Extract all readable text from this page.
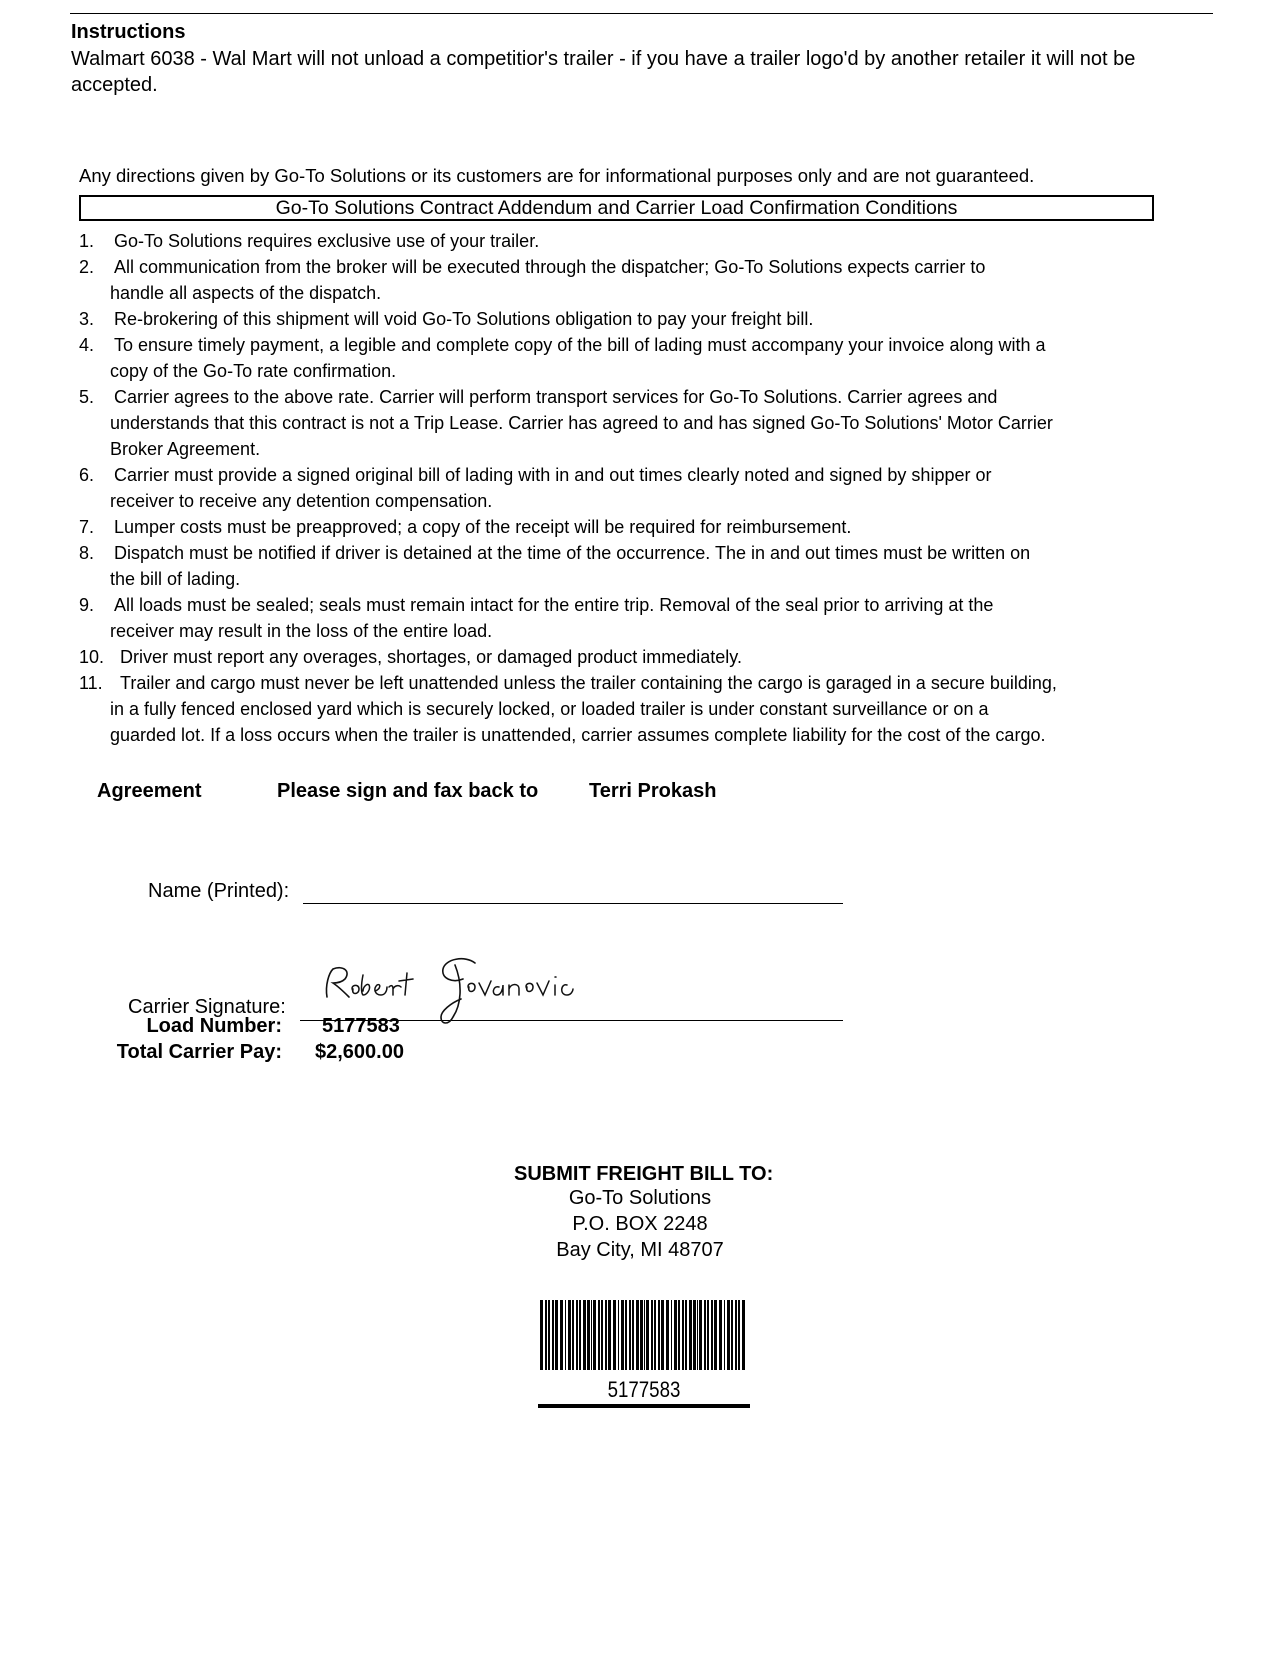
Instructions
Walmart 6038 - Wal Mart will not unload a competitior's trailer - if you have a trailer logo'd by another retailer it will not be accepted.
Any directions given by Go-To Solutions or its customers are for informational purposes only and are not guaranteed.
Go-To Solutions Contract Addendum and Carrier Load Confirmation Conditions
1. Go-To Solutions requires exclusive use of your trailer.
2. All communication from the broker will be executed through the dispatcher; Go-To Solutions expects carrier to
handle all aspects of the dispatch.
3. Re-brokering of this shipment will void Go-To Solutions obligation to pay your freight bill.
4. To ensure timely payment, a legible and complete copy of the bill of lading must accompany your invoice along with a
copy of the Go-To rate confirmation.
5. Carrier agrees to the above rate. Carrier will perform transport services for Go-To Solutions. Carrier agrees and
understands that this contract is not a Trip Lease. Carrier has agreed to and has signed Go-To Solutions' Motor Carrier
Broker Agreement.
6. Carrier must provide a signed original bill of lading with in and out times clearly noted and signed by shipper or
receiver to receive any detention compensation.
7. Lumper costs must be preapproved; a copy of the receipt will be required for reimbursement.
8. Dispatch must be notified if driver is detained at the time of the occurrence. The in and out times must be written on
the bill of lading.
9. All loads must be sealed; seals must remain intact for the entire trip. Removal of the seal prior to arriving at the
receiver may result in the loss of the entire load.
10. Driver must report any overages, shortages, or damaged product immediately.
11. Trailer and cargo must never be left unattended unless the trailer containing the cargo is garaged in a secure building,
in a fully fenced enclosed yard which is securely locked, or loaded trailer is under constant surveillance or on a
guarded lot. If a loss occurs when the trailer is unattended, carrier assumes complete liability for the cost of the cargo.
Agreement	Please sign and fax back to	Terri Prokash
Name (Printed):
Carrier Signature:
Load Number: 5177583
Total Carrier Pay: $2,600.00
SUBMIT FREIGHT BILL TO:
Go-To Solutions
P.O. BOX 2248
Bay City, MI 48707
5177583
